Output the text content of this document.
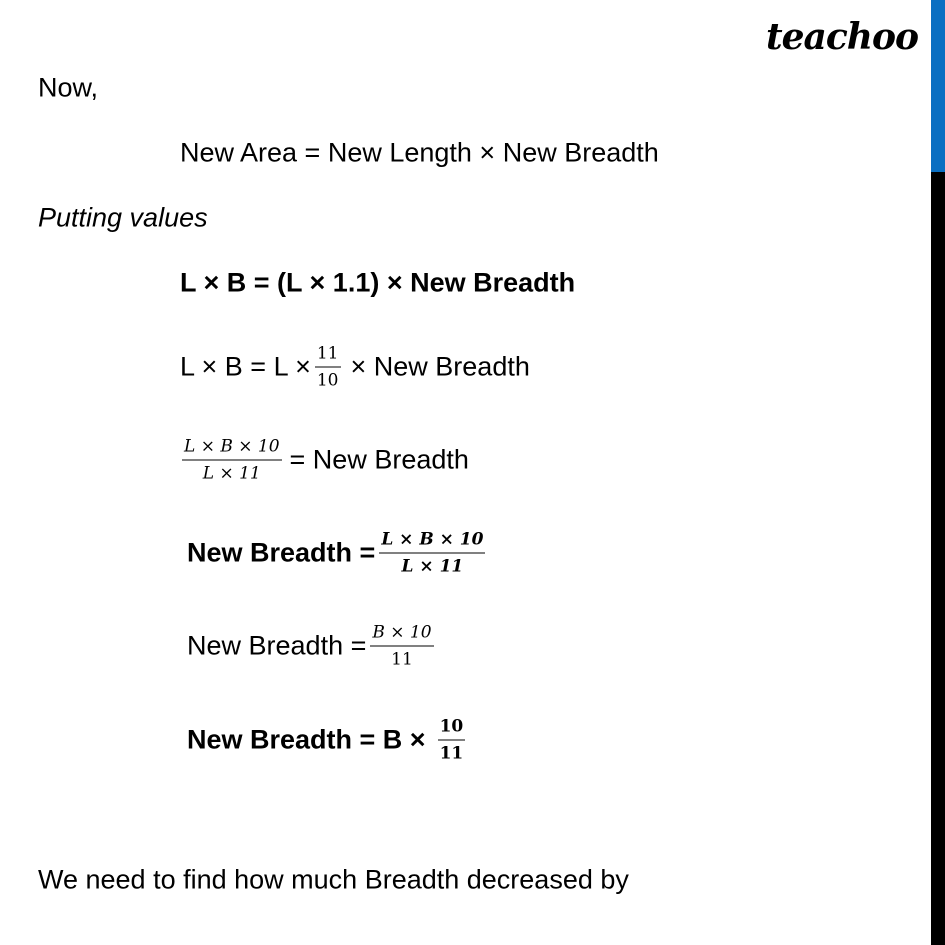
teachoo
Now,
New Area = New Length × New Breadth
Putting values
L × B = (L × 1.1) × New Breadth
$L \times B = L \times \frac{11}{10}$ × New Breadth
$\frac{L \times B \times 10}{L \times 11}$ = New Breadth
New Breadth = $\frac{L \times B \times 10}{L \times 11}$
New Breadth = $\frac{B \times 10}{11}$
New Breadth = $B \times \frac{10}{11}$
We need to find how much Breadth decreased by
